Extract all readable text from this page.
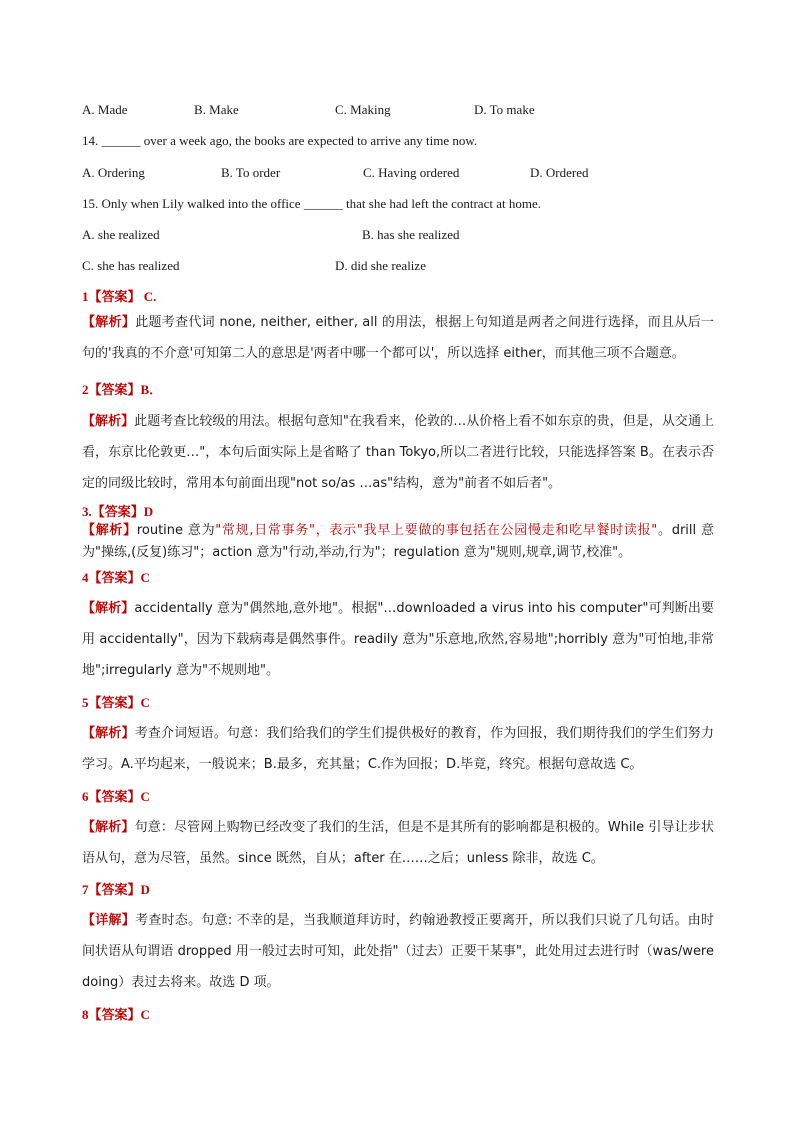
A. Made	B. Make	C. Making	D. To make
14. ______ over a week ago, the books are expected to arrive any time now.
A. Ordering	B. To order	C. Having ordered	D. Ordered
15. Only when Lily walked into the office ______ that she had left the contract at home.
A. she realized	B. has she realized
C. she has realized	D. did she realize
1【答案】 C.
【解析】此题考查代词 none, neither, either, all 的用法，根据上句知道是两者之间进行选择，而且从后一句的'我真的不介意'可知第二人的意思是'两者中哪一个都可以'，所以选择 either，而其他三项不合题意。
2【答案】B．
【解析】此题考查比较级的用法。根据句意知"在我看来，伦敦的…从价格上看不如东京的贵，但是，从交通上看，东京比伦敦更…"，本句后面实际上是省略了 than Tokyo,所以二者进行比较，只能选择答案 B。在表示否定的同级比较时，常用本句前面出现"not so/as …as"结构，意为"前者不如后者"。
3.【答案】D
【解析】routine 意为"常规,日常事务"，表示"我早上要做的事包括在公园慢走和吃早餐时读报"。drill 意为"操练,(反复)练习"；action 意为"行动,举动,行为"；regulation 意为"规则,规章,调节,校准"。
4【答案】C
【解析】accidentally 意为"偶然地,意外地"。根据"…downloaded a virus into his computer"可判断出要用 accidentally"，因为下载病毒是偶然事件。readily 意为"乐意地,欣然,容易地";horribly 意为"可怕地,非常地";irregularly 意为"不规则地"。
5【答案】C
【解析】考查介词短语。句意：我们给我们的学生们提供极好的教育，作为回报，我们期待我们的学生们努力学习。A.平均起来，一般说来；B.最多，充其量；C.作为回报；D.毕竟，终究。根据句意故选 C。
6【答案】C
【解析】句意：尽管网上购物已经改变了我们的生活，但是不是其所有的影响都是积极的。While 引导让步状语从句，意为尽管，虽然。since 既然，自从；after 在……之后；unless 除非，故选 C。
7【答案】D
【详解】考查时态。句意: 不幸的是，当我顺道拜访时，约翰逊教授正要离开，所以我们只说了几句话。由时间状语从句谓语 dropped 用一般过去时可知，此处指"（过去）正要干某事"，此处用过去进行时（was/were doing）表过去将来。故选 D 项。
8【答案】C
